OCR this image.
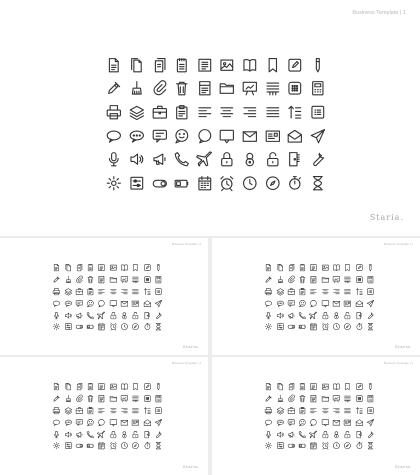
Business Template | 1
Staria.
Business Template | 1
Staria.
Business Template | 1
Staria.
Business Template | 1
Staria.
Business Template | 1
Staria.
